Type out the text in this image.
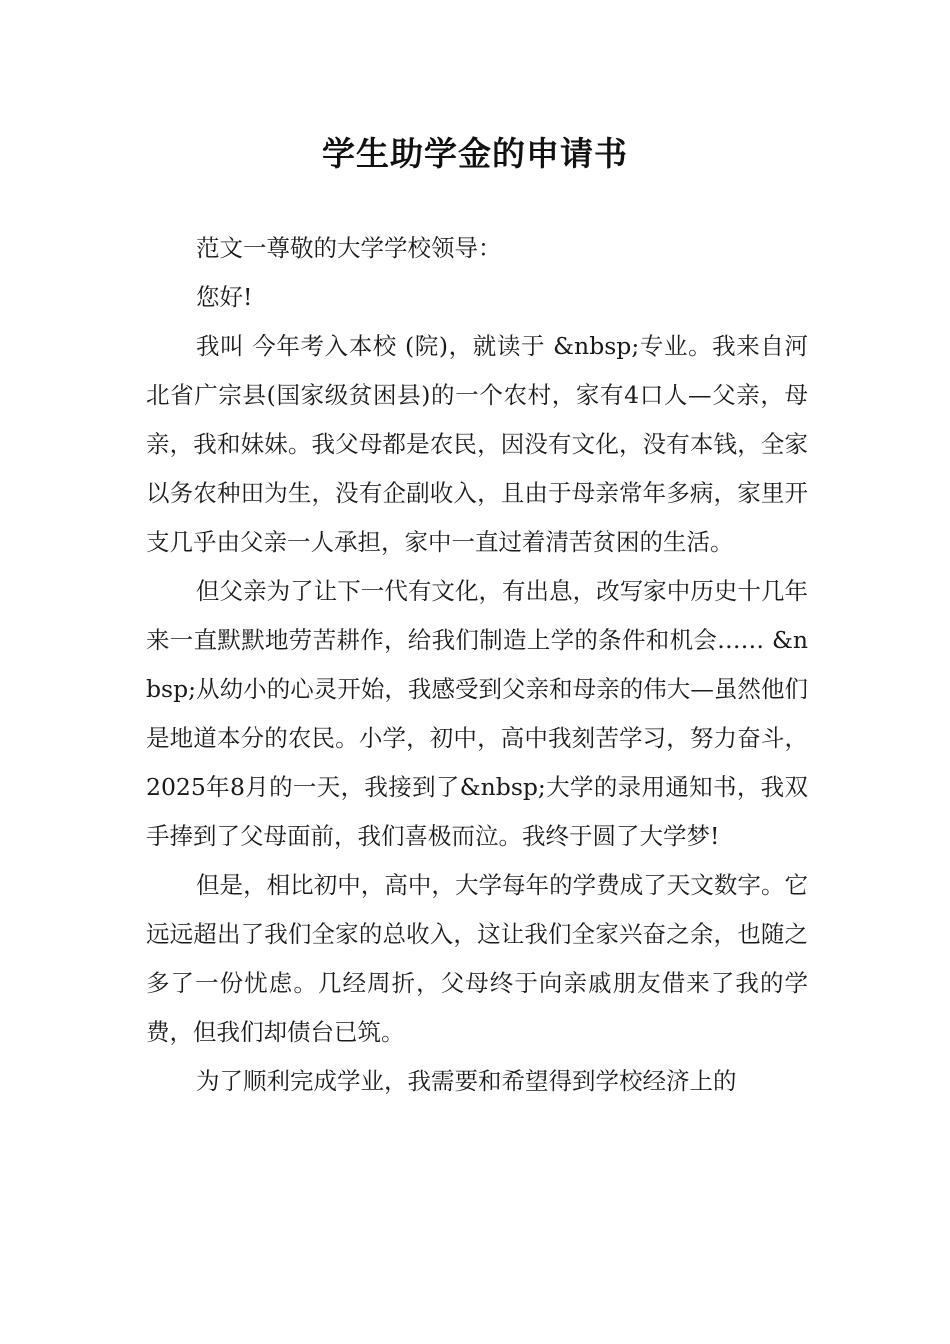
学生助学金的申请书

范文一尊敬的大学学校领导：

您好!

我叫 今年考入本校 (院)，就读于 &nbsp;专业。我来自河北省广宗县(国家级贫困县)的一个农村，家有4口人—父亲，母亲，我和妹妹。我父母都是农民，因没有文化，没有本钱，全家以务农种田为生，没有企副收入，且由于母亲常年多病，家里开支几乎由父亲一人承担，家中一直过着清苦贫困的生活。

但父亲为了让下一代有文化，有出息，改写家中历史十几年来一直默默地劳苦耕作，给我们制造上学的条件和机会…… &nbsp;从幼小的心灵开始，我感受到父亲和母亲的伟大—虽然他们是地道本分的农民。小学，初中，高中我刻苦学习，努力奋斗，2025年8月的一天，我接到了&nbsp;大学的录用通知书，我双手捧到了父母面前，我们喜极而泣。我终于圆了大学梦!

但是，相比初中，高中，大学每年的学费成了天文数字。它远远超出了我们全家的总收入，这让我们全家兴奋之余，也随之多了一份忧虑。几经周折，父母终于向亲戚朋友借来了我的学费，但我们却债台已筑。

为了顺利完成学业，我需要和希望得到学校经济上的
